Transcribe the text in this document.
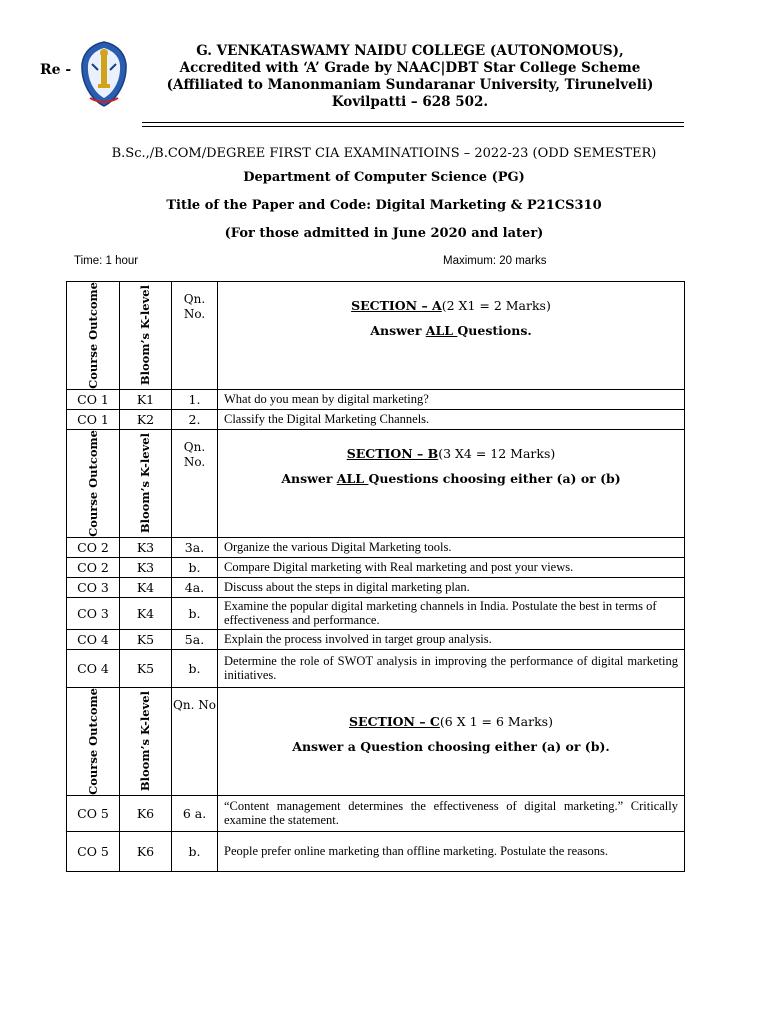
Re -
G. VENKATASWAMY NAIDU COLLEGE (AUTONOMOUS),
Accredited with ‘A’ Grade by NAAC|DBT Star College Scheme
(Affiliated to Manonmaniam Sundaranar University, Tirunelveli)
Kovilpatti – 628 502.
B.Sc.,/B.COM/DEGREE FIRST CIA EXAMINATIOINS – 2022-23 (ODD SEMESTER)
Department of Computer Science (PG)
Title of the Paper and Code: Digital Marketing & P21CS310
(For those admitted in June 2020 and later)
Time: 1 hour	Maximum: 20 marks
Course Outcome	Bloom’s K-level	Qn. No.	SECTION – A(2 X1 = 2 Marks)
Answer ALL Questions.

CO 1	K1	1.	What do you mean by digital marketing?
CO 1	K2	2.	Classify the Digital Marketing Channels.

Course Outcome	Bloom’s K-level	Qn. No.	SECTION – B(3 X4 = 12 Marks)
Answer ALL Questions choosing either (a) or (b)

CO 2	K3	3a.	Organize the various Digital Marketing tools.
CO 2	K3	b.	Compare Digital marketing with Real marketing and post your views.
CO 3	K4	4a.	Discuss about the steps in digital marketing plan.
CO 3	K4	b.	Examine the popular digital marketing channels in India. Postulate the best in terms of effectiveness and performance.
CO 4	K5	5a.	Explain the process involved in target group analysis.
CO 4	K5	b.	Determine the role of SWOT analysis in improving the performance of digital marketing initiatives.

Course Outcome	Bloom’s K-level	Qn. No	SECTION – C(6 X 1 = 6 Marks)
Answer a Question choosing either (a) or (b).

CO 5	K6	6 a.	“Content management determines the effectiveness of digital marketing.” Critically examine the statement.
CO 5	K6	b.	People prefer online marketing than offline marketing. Postulate the reasons.
